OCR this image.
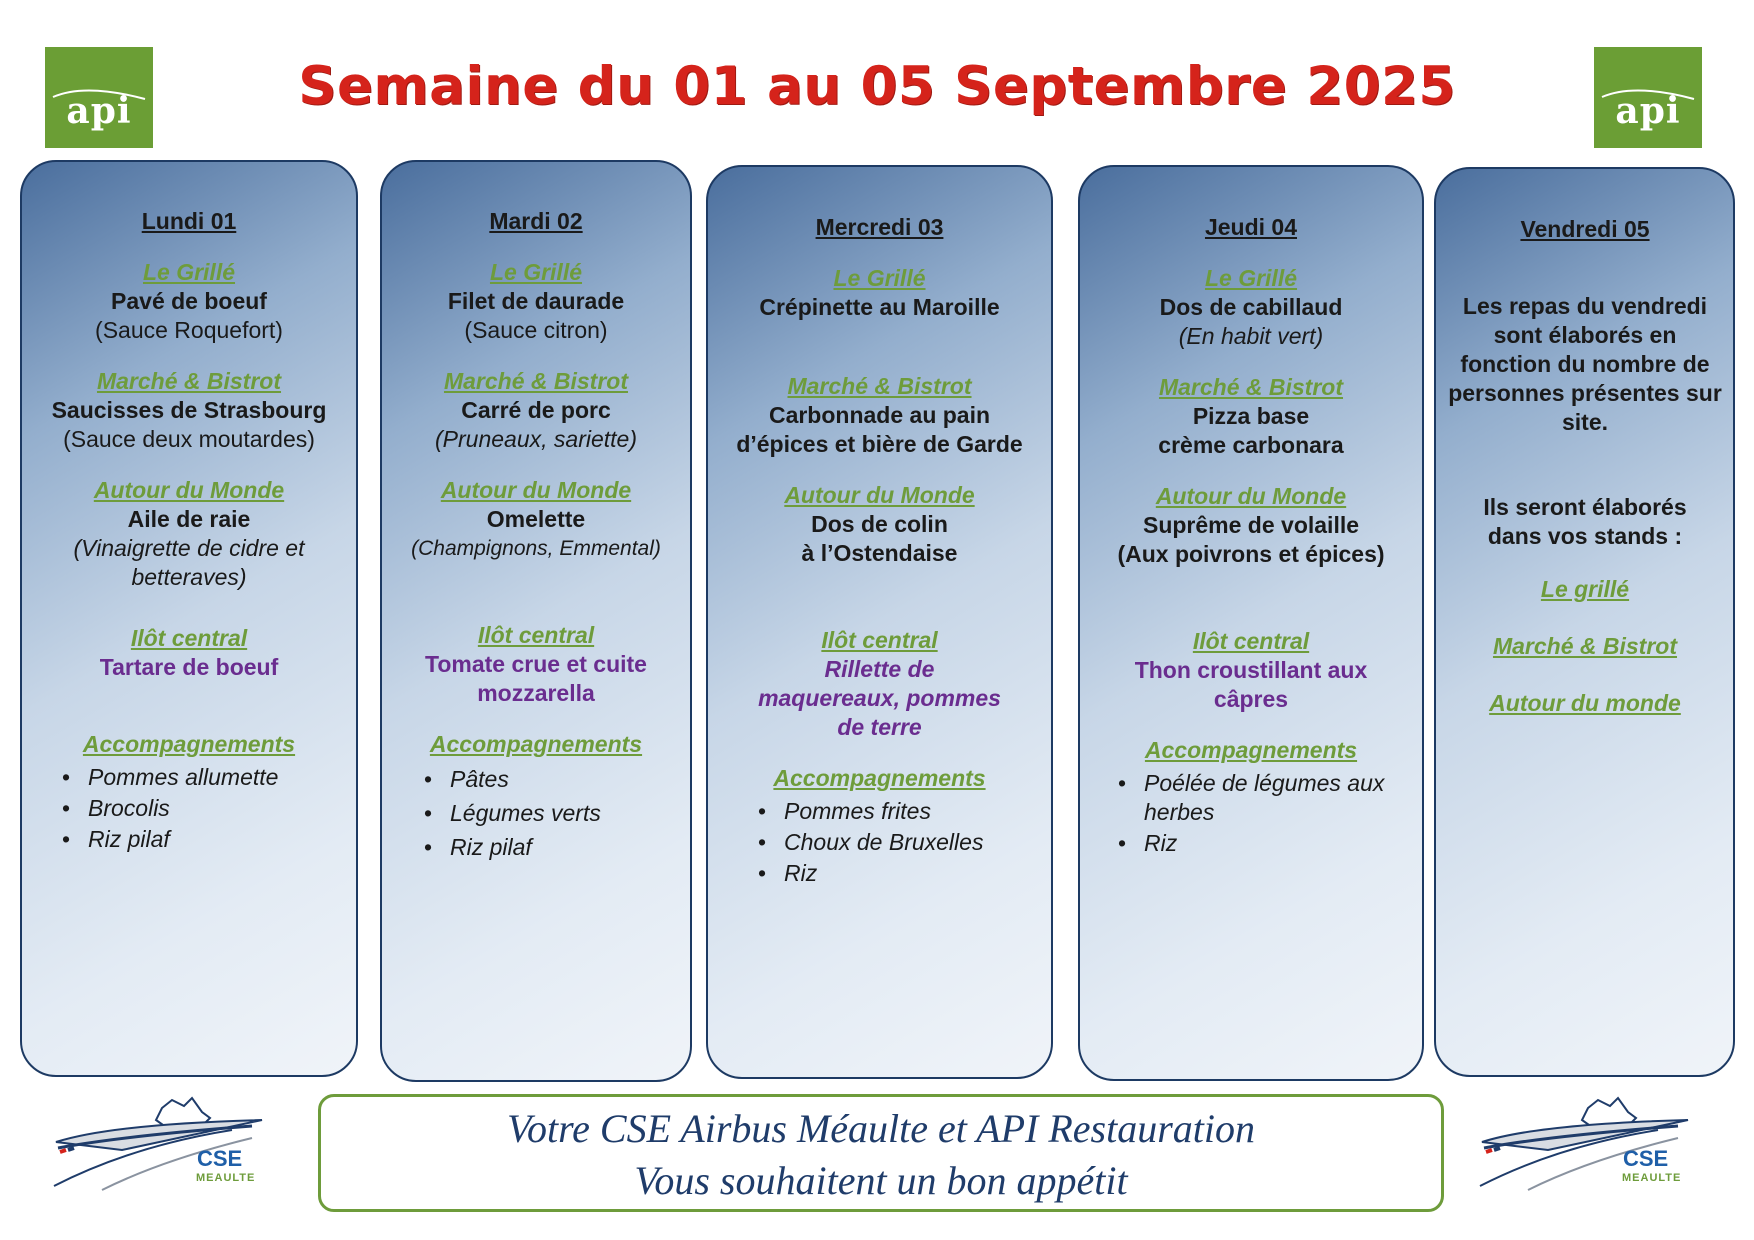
api	Semaine du 01 au 05 Septembre 2025	api
Lundi 01
Le Grillé
Pavé de boeuf
(Sauce Roquefort)
Marché & Bistrot
Saucisses de Strasbourg
(Sauce deux moutardes)
Autour du Monde
Aile de raie
(Vinaigrette de cidre et betteraves)
Ilôt central
Tartare de boeuf
Accompagnements
• Pommes allumette
• Brocolis
• Riz pilaf
Mardi 02
Le Grillé
Filet de daurade
(Sauce citron)
Marché & Bistrot
Carré de porc
(Pruneaux, sariette)
Autour du Monde
Omelette
(Champignons, Emmental)
Ilôt central
Tomate crue et cuite mozzarella
Accompagnements
• Pâtes
• Légumes verts
• Riz pilaf
Mercredi 03
Le Grillé
Crépinette au Maroille
Marché & Bistrot
Carbonnade au pain d’épices et bière de Garde
Autour du Monde
Dos de colin
à l’Ostendaise
Ilôt central
Rillette de maquereaux, pommes de terre
Accompagnements
• Pommes frites
• Choux de Bruxelles
• Riz
Jeudi 04
Le Grillé
Dos de cabillaud
(En habit vert)
Marché & Bistrot
Pizza base crème carbonara
Autour du Monde
Suprême de volaille
(Aux poivrons et épices)
Ilôt central
Thon croustillant aux câpres
Accompagnements
• Poélée de légumes aux herbes
• Riz
Vendredi 05
Les repas du vendredi sont élaborés en fonction du nombre de personnes présentes sur site.
Ils seront élaborés dans vos stands :
Le grillé
Marché & Bistrot
Autour du monde
CSE
MEAULTE
Votre CSE Airbus Méaulte et API Restauration
Vous souhaitent un bon appétit	CSE
MEAULTE
